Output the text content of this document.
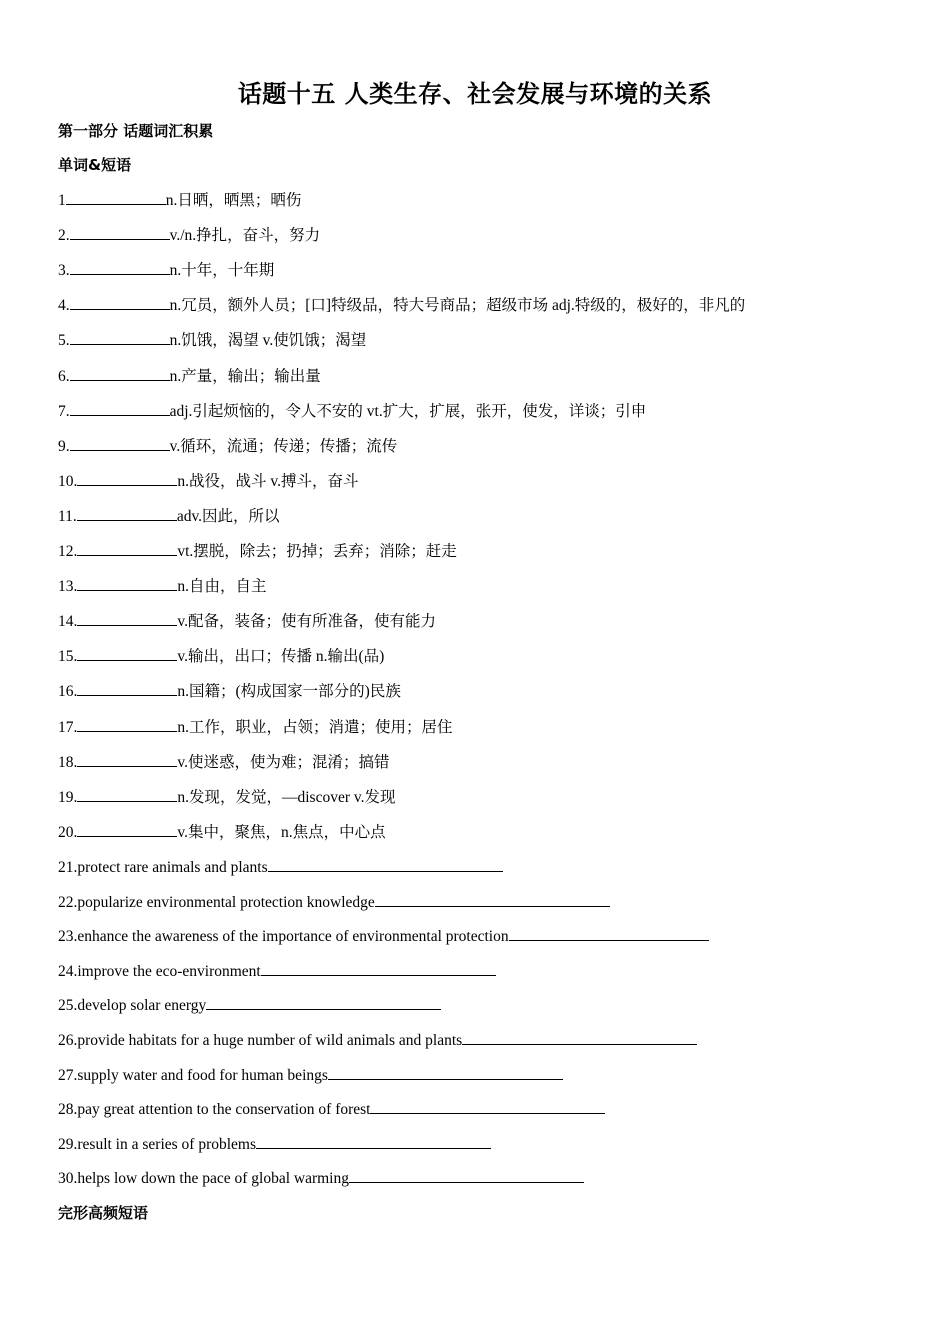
话题十五 人类生存、社会发展与环境的关系
第一部分 话题词汇积累
单词&短语
1	n.日晒，晒黑；晒伤
2.	v./n.挣扎，奋斗，努力
3.	n.十年，十年期
4.	n.冗员，额外人员；[口]特级品，特大号商品；超级市场 adj.特级的，极好的，非凡的
5.	n.饥饿，渴望 v.使饥饿；渴望
6.	n.产量，输出；输出量
7.	adj.引起烦恼的，令人不安的 vt.扩大，扩展，张开，使发，详谈；引申
9.	v.循环，流通；传递；传播；流传
10.	n.战役，战斗 v.搏斗，奋斗
11.	adv.因此，所以
12.	vt.摆脱，除去；扔掉；丢弃；消除；赶走
13.	n.自由，自主
14.	v.配备，装备；使有所准备，使有能力
15.	v.输出，出口；传播 n.输出(品)
16.	n.国籍；(构成国家一部分的)民族
17.	n.工作，职业，占领；消遣；使用；居住
18.	v.使迷惑，使为难；混淆；搞错
19.	n.发现，发觉，—discover v.发现
20.	v.集中，聚焦，n.焦点，中心点
21.protect rare animals and plants
22.popularize environmental protection knowledge
23.enhance the awareness of the importance of environmental protection
24.improve the eco-environment
25.develop solar energy
26.provide habitats for a huge number of wild animals and plants
27.supply water and food for human beings
28.pay great attention to the conservation of forest
29.result in a series of problems
30.helps low down the pace of global warming
完形高频短语
